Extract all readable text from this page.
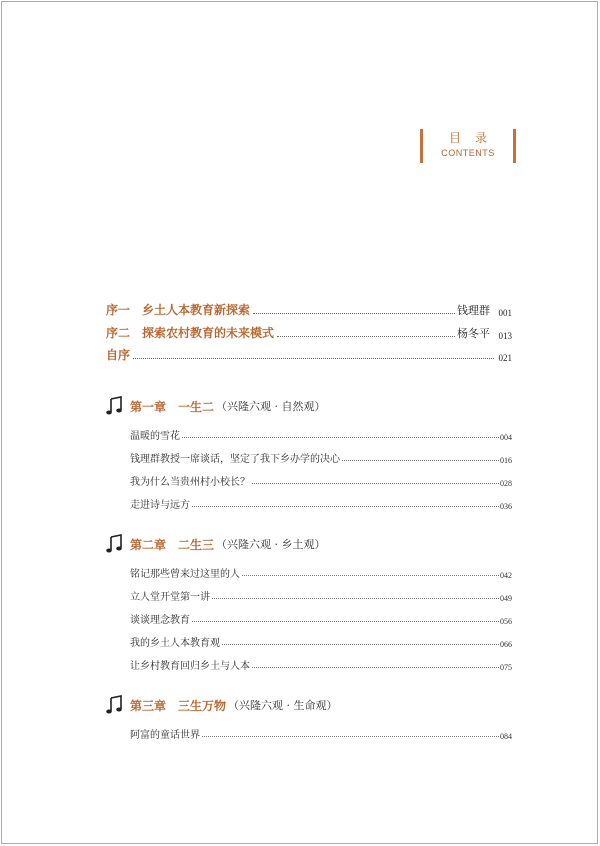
目录
CONTENTS
序一　乡土人本教育新探索	钱理群 001
序二　探索农村教育的未来模式	杨冬平 013
自序	021
第一章 一生二 （兴隆六观 · 自然观）
温暖的雪花	004
钱理群教授一席谈话，坚定了我下乡办学的决心	016
我为什么当贵州村小校长？	028
走进诗与远方	036
第二章 二生三 （兴隆六观 · 乡土观）
铭记那些曾来过这里的人	042
立人堂开堂第一讲	049
谈谈理念教育	056
我的乡土人本教育观	066
让乡村教育回归乡土与人本	075
第三章 三生万物 （兴隆六观 · 生命观）
阿富的童话世界	084
